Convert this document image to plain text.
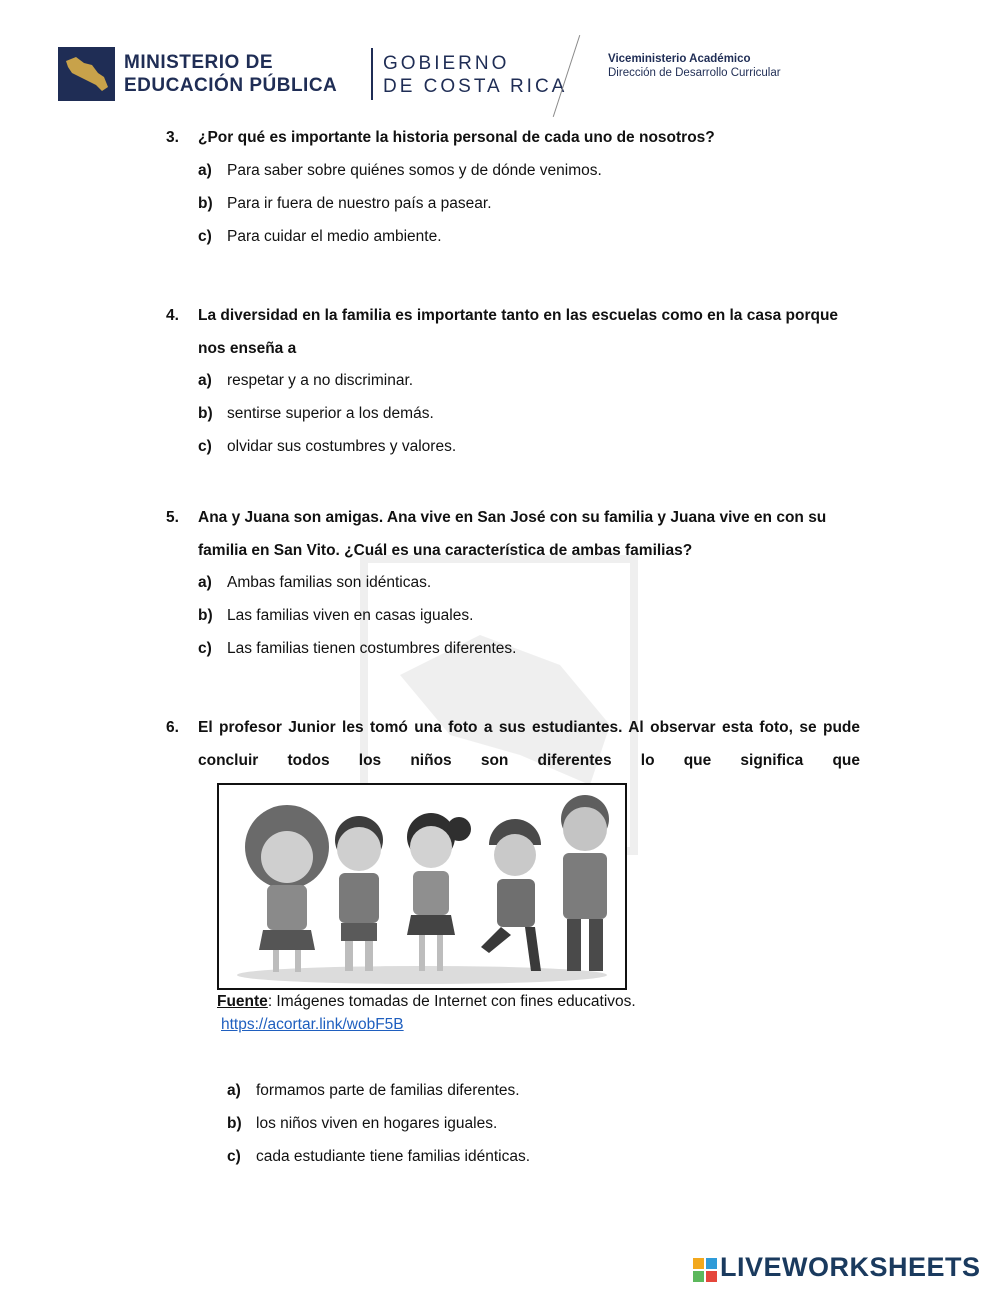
MINISTERIO DE
EDUCACIÓN PÚBLICA
GOBIERNO
DE COSTA RICA
Viceministerio Académico
Dirección de Desarrollo Curricular
3. ¿Por qué es importante la historia personal de cada uno de nosotros?
a) Para saber sobre quiénes somos y de dónde venimos.
b) Para ir fuera de nuestro país a pasear.
c) Para cuidar el medio ambiente.
4. La diversidad en la familia es importante tanto en las escuelas como en la casa porque nos enseña a
a) respetar y a no discriminar.
b) sentirse superior a los demás.
c) olvidar sus costumbres y valores.
5. Ana y Juana son amigas. Ana vive en San José con su familia y Juana vive en con su familia en San Vito. ¿Cuál es una característica de ambas familias?
a) Ambas familias son idénticas.
b) Las familias viven en casas iguales.
c) Las familias tienen costumbres diferentes.
6. El profesor Junior les tomó una foto a sus estudiantes. Al observar esta foto, se pude concluir todos los niños son diferentes lo que significa que
Fuente: Imágenes tomadas de Internet con fines educativos.
https://acortar.link/wobF5B
a) formamos parte de familias diferentes.
b) los niños viven en hogares iguales.
c) cada estudiante tiene familias idénticas.
LIVEWORKSHEETS
